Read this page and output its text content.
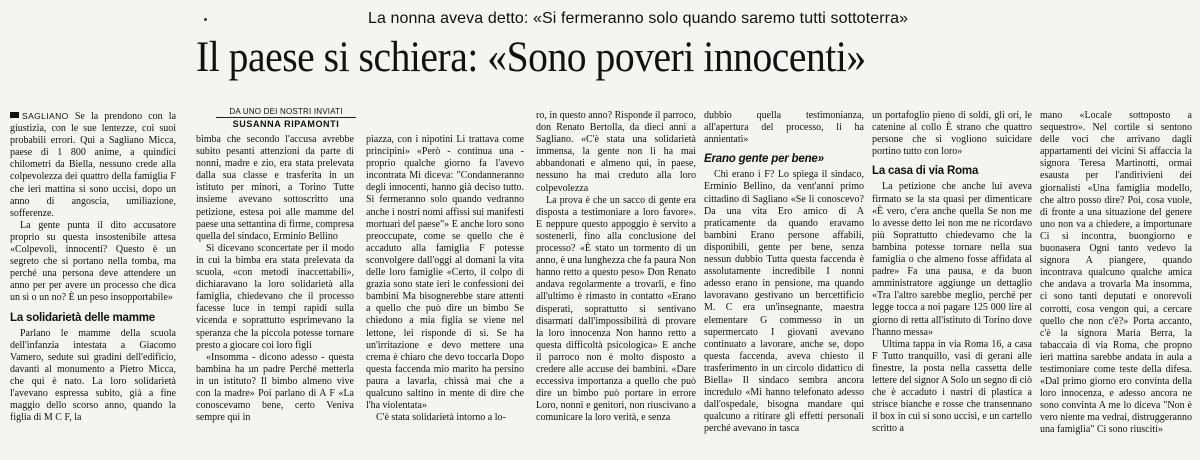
La nonna aveva detto: «Si fermeranno solo quando saremo tutti sottoterra»
Il paese si schiera: «Sono poveri innocenti»
DA UNO DEI NOSTRI INVIATI
SUSANNA RIPAMONTI

SAGLIANO Se la prendono con la giustizia, con le sue lentezze, coi suoi probabili errori. Qui a Sagliano Micca, paese di 1 800 anime, a quindici chilometri da Biella, nessuno crede alla colpevolezza dei quattro della famiglia F che ieri mattina si sono uccisi, dopo un anno di angoscia, umiliazione, sofferenze.

La gente punta il dito accusatore proprio su questa insostenibile attesa «Colpevoli, innocenti? Questo è un segreto che si portano nella tomba, ma perché una persona deve attendere un anno per per avere un processo che dica un sì o un no? È un peso insopportabile»

La solidarietà delle mamme

Parlano le mamme della scuola dell'infanzia intestata a Giacomo Vamero, sedute sui gradini dell'edificio, davanti al monumento a Pietro Micca, che qui è nato. La loro solidarietà l'avevano espressa subito, già a fine maggio dello scorso anno, quando la figlia di M C F, la

bimba che secondo l'accusa avrebbe subito pesanti attenzioni da parte di nonni, madre e zio, era stata prelevata dalla sua classe e trasferita in un istituto per minori, a Torino Tutte insieme avevano sottoscritto una petizione, estesa poi alle mamme del paese una settantina di firme, compresa quella del sindaco, Erminio Bellino

Si dicevano sconcertate per il modo in cui la bimba era stata prelevata da scuola, «con metodi inaccettabili», dichiaravano la loro solidarietà alla famiglia, chiedevano che il processo facesse luce in tempi rapidi sulla vicenda e soprattutto esprimevano la speranza che la piccola potesse tornare presto a giocare coi loro figli

«Insomma - dicono adesso - questa bambina ha un padre Perché metterla in un istituto? Il bimbo almeno vive con la madre» Poi parlano di A F «La conoscevamo bene, certo Veniva sempre qui in

piazza, con i nipotini Li trattava come principini» «Però - continua una - proprio qualche giorno fa l'avevo incontrata Mi diceva: "Condanneranno degli innocenti, hanno già deciso tutto. Si fermeranno solo quando vedranno anche i nostri nomi affissi sui manifesti mortuari del paese"» E anche loro sono preoccupate, come se quello che è accaduto alla famiglia F potesse sconvolgere dall'oggi al domani la vita delle loro famiglie «Certo, il colpo di grazia sono state ieri le confessioni dei bambini Ma bisognerebbe stare attenti a quello che può dire un bimbo Se chiedono a mia figlia se viene nel lettone, lei risponde di sì. Se ha un'irritazione e devo mettere una crema è chiaro che devo toccarla Dopo questa faccenda mio marito ha persino paura a lavarla, chissà mai che a qualcuno saltino in mente di dire che l'ha violentata»

C'è stata solidarietà intorno a lo-

ro, in questo anno? Risponde il parroco, don Renato Bertolla, da dieci anni a Sagliano. «C'è stata una solidarietà immensa, la gente non li ha mai abbandonati e almeno qui, in paese, nessuno ha mai creduto alla loro colpevolezza

La prova è che un sacco di gente era disposta a testimoniare a loro favore». E neppure questo appoggio è servito a sostenerli, fino alla conclusione del processo? «È stato un tormento di un anno, è una lunghezza che fa paura Non hanno retto a questo peso» Don Renato andava regolarmente a trovarli, e fino all'ultimo è rimasto in contatto «Erano disperati, soprattutto si sentivano disarmati dall'impossibilità di provare la loro innocenza Non hanno retto a questa difficoltà psicologica» E anche il parroco non è molto disposto a credere alle accuse dei bambini. «Dare eccessiva importanza a quello che può dire un bimbo può portare in errore Loro, nonni e genitori, non riuscivano a comunicare la loro verità, e senza

dubbio quella testimonianza, all'apertura del processo, li ha annientati»

Erano gente per bene»

Chi erano i F? Lo spiega il sindaco, Erminio Bellino, da vent'anni primo cittadino di Sagliano «Se li conoscevo? Da una vita Ero amico di A praticamente da quando eravamo bambini Erano persone affabili, disponibili, gente per bene, senza nessun dubbio Tutta questa faccenda è assolutamente incredibile I nonni adesso erano in pensione, ma quando lavoravano gestivano un bercettificio M. C era un'insegnante, maestra elementare G commesso in un supermercato I giovani avevano continuato a lavorare, anche se, dopo questa faccenda, aveva chiesto il trasferimento in un circolo didattico di Biella» Il sindaco sembra ancora incredulo «Mi hanno telefonato adesso dall'ospedale, bisogna mandare qui qualcuno a ritirare gli effetti personali perché avevano in tasca

un portafoglio pieno di soldi, gli ori, le catenine al collo È strano che quattro persone che si vogliono suicidare portino tutto con loro»

La casa di via Roma

La petizione che anche lui aveva firmato se la sta quasi per dimenticare «È vero, c'era anche quella Se non me lo avesse detto lei non me ne ricordavo più Soprattutto chiedevamo che la bambina potesse tornare nella sua famiglia o che almeno fosse affidata al padre» Fa una pausa, e da buon amministratore aggiunge un dettaglio «Tra l'altro sarebbe meglio, perché per legge tocca a noi pagare 125 000 lire al giorno di retta all'istituto di Torino dove l'hanno messa»

Ultima tappa in via Roma 16, a casa F Tutto tranquillo, vasi di gerani alle finestre, la posta nella cassetta delle lettere del signor A Solo un segno di ciò che è accaduto i nastri di plastica a strisce bianche e rosse che transennano il box in cui si sono uccisi, e un cartello scritto a

mano «Locale sottoposto a sequestro». Nel cortile si sentono delle voci che arrivano dagli appartamenti dei vicini Si affaccia la signora Teresa Martinotti, ormai esausta per l'andirivieni dei giornalisti «Una famiglia modello, che altro posso dire? Poi, cosa vuole, di fronte a una situazione del genere uno non va a chiedere, a importunare Ci si incontra, buongiorno e buonasera Ogni tanto vedevo la signora A piangere, quando incontrava qualcuno qualche amica che andava a trovarla Ma insomma, ci sono tanti deputati e onorevoli corrotti, cosa vengon qui, a cercare quello che non c'è?» Porta accanto, c'è la signora Maria Berra, la tabaccaia di via Roma, che propno ieri mattina sarebbe andata in aula a testimoniare come teste della difesa. «Dal primo giorno ero convinta della loro innocenza, e adesso ancora ne sono convinta A me lo diceva "Non è vero niente ma vedrai, distruggeranno una famiglia" Ci sono riusciti»
